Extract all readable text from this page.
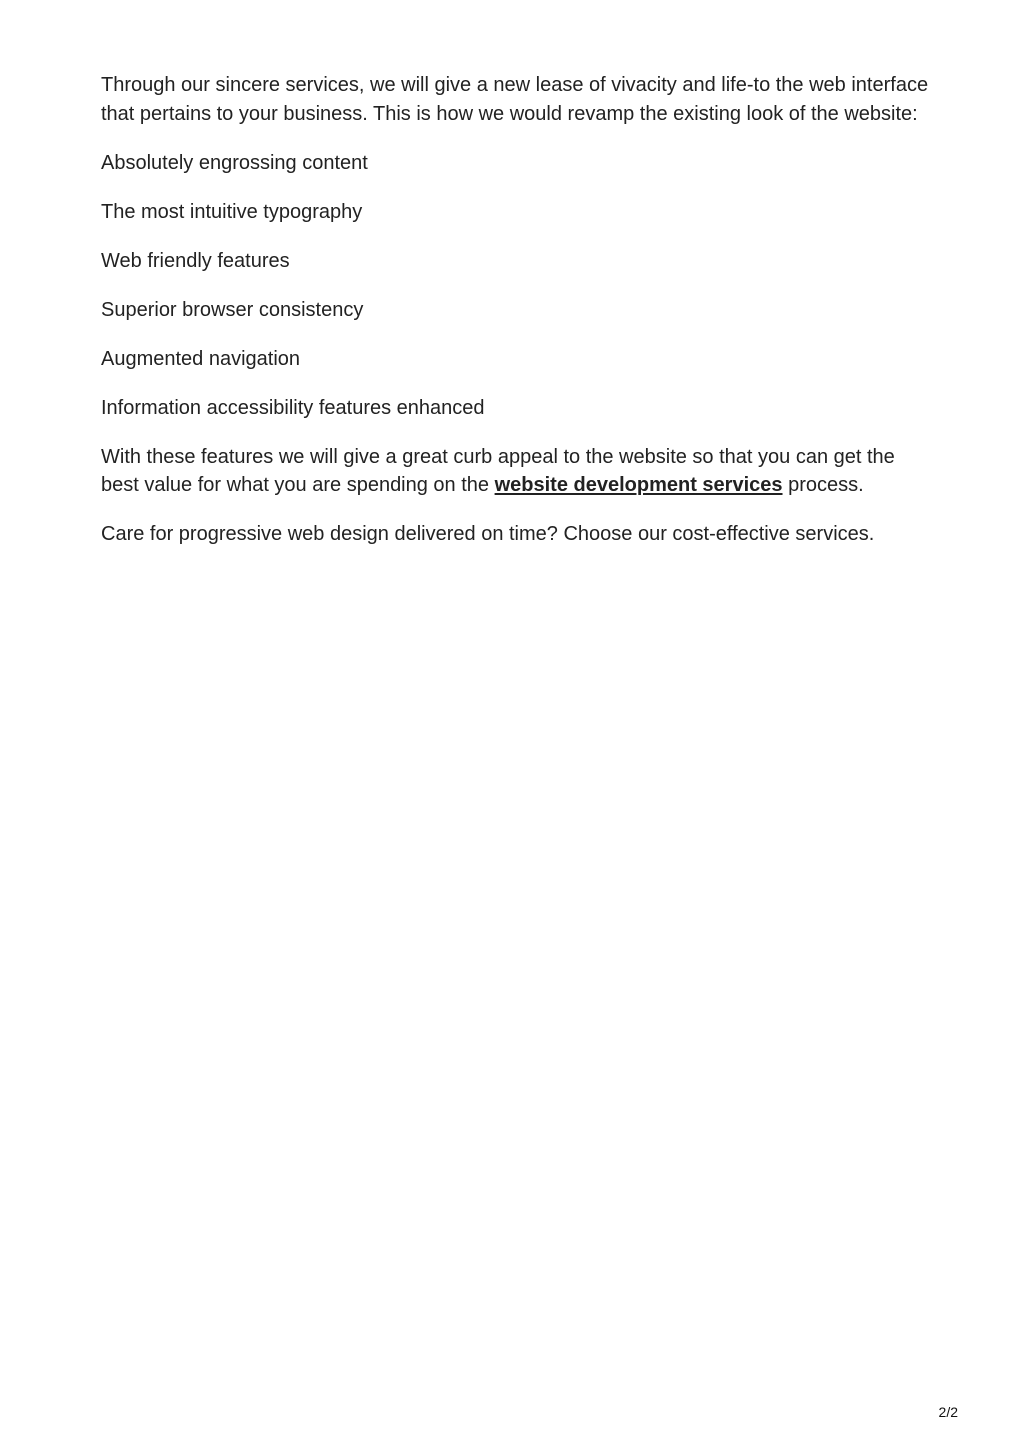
Through our sincere services, we will give a new lease of vivacity and life-to the web interface that pertains to your business. This is how we would revamp the existing look of the website:

Absolutely engrossing content

The most intuitive typography

Web friendly features

Superior browser consistency

Augmented navigation

Information accessibility features enhanced

With these features we will give a great curb appeal to the website so that you can get the best value for what you are spending on the website development services process.

Care for progressive web design delivered on time? Choose our cost-effective services.

2/2
